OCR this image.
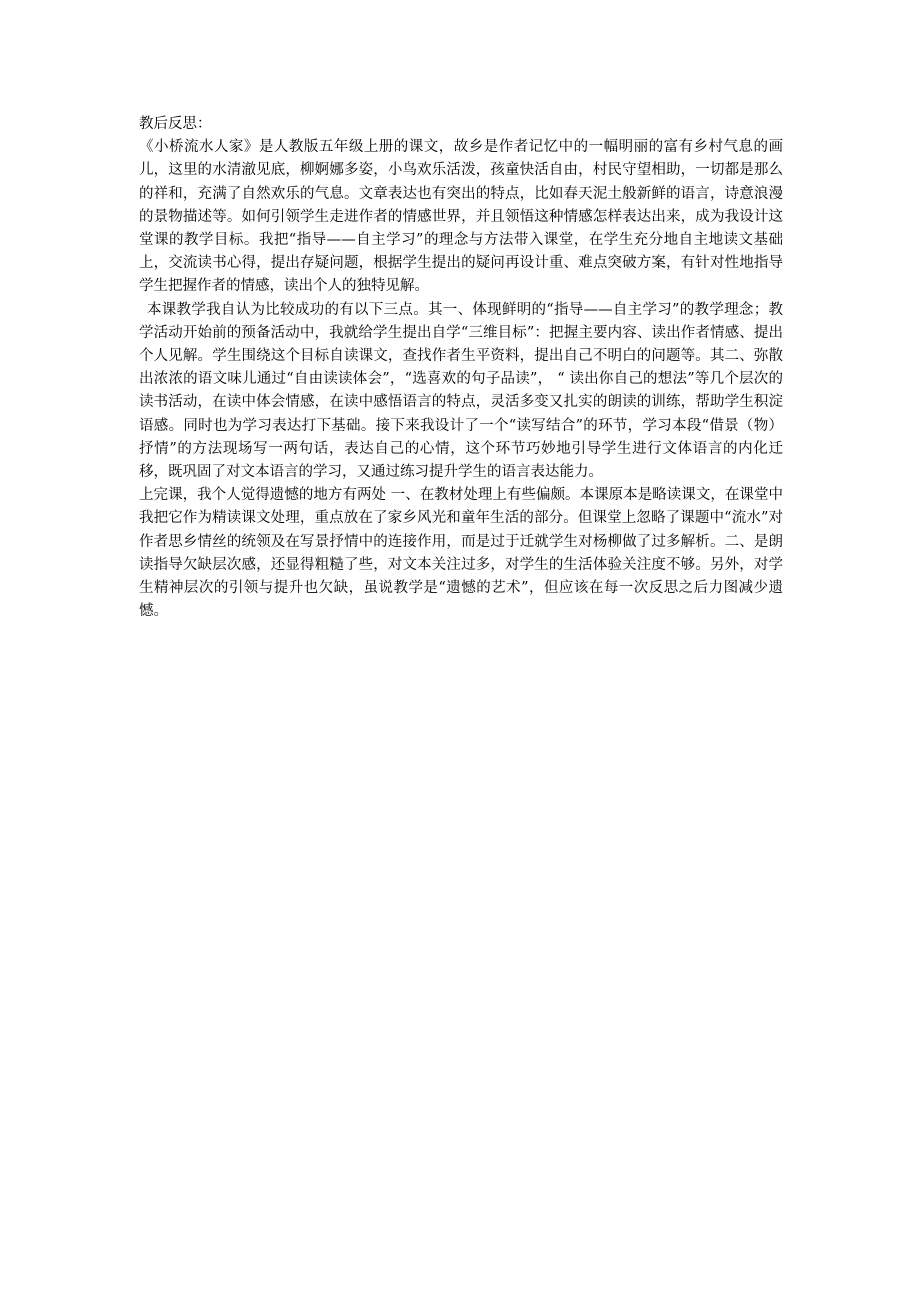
教后反思：

《小桥流水人家》是人教版五年级上册的课文，故乡是作者记忆中的一幅明丽的富有乡村气息的画儿，这里的水清澈见底，柳婀娜多姿，小鸟欢乐活泼，孩童快活自由，村民守望相助，一切都是那么的祥和，充满了自然欢乐的气息。文章表达也有突出的特点，比如春天泥土般新鲜的语言，诗意浪漫的景物描述等。如何引领学生走进作者的情感世界，并且领悟这种情感怎样表达出来，成为我设计这堂课的教学目标。我把“指导——自主学习”的理念与方法带入课堂，在学生充分地自主地读文基础上，交流读书心得，提出存疑问题，根据学生提出的疑问再设计重、难点突破方案，有针对性地指导学生把握作者的情感，读出个人的独特见解。

本课教学我自认为比较成功的有以下三点。其一、体现鲜明的“指导——自主学习”的教学理念；教学活动开始前的预备活动中，我就给学生提出自学“三维目标”：把握主要内容、读出作者情感、提出个人见解。学生围绕这个目标自读课文，查找作者生平资料，提出自己不明白的问题等。其二、弥散出浓浓的语文味儿通过“自由读读体会”，“选喜欢的句子品读”， “ 读出你自己的想法”等几个层次的读书活动，在读中体会情感，在读中感悟语言的特点，灵活多变又扎实的朗读的训练，帮助学生积淀语感。同时也为学习表达打下基础。接下来我设计了一个“读写结合”的环节，学习本段“借景（物）抒情”的方法现场写一两句话，表达自己的心情，这个环节巧妙地引导学生进行文体语言的内化迁移，既巩固了对文本语言的学习，又通过练习提升学生的语言表达能力。

上完课，我个人觉得遗憾的地方有两处 一、在教材处理上有些偏颇。本课原本是略读课文，在课堂中我把它作为精读课文处理，重点放在了家乡风光和童年生活的部分。但课堂上忽略了课题中“流水”对作者思乡情丝的统领及在写景抒情中的连接作用，而是过于迁就学生对杨柳做了过多解析。二、是朗读指导欠缺层次感，还显得粗糙了些，对文本关注过多，对学生的生活体验关注度不够。另外，对学生精神层次的引领与提升也欠缺，虽说教学是“遗憾的艺术”，但应该在每一次反思之后力图减少遗憾。
